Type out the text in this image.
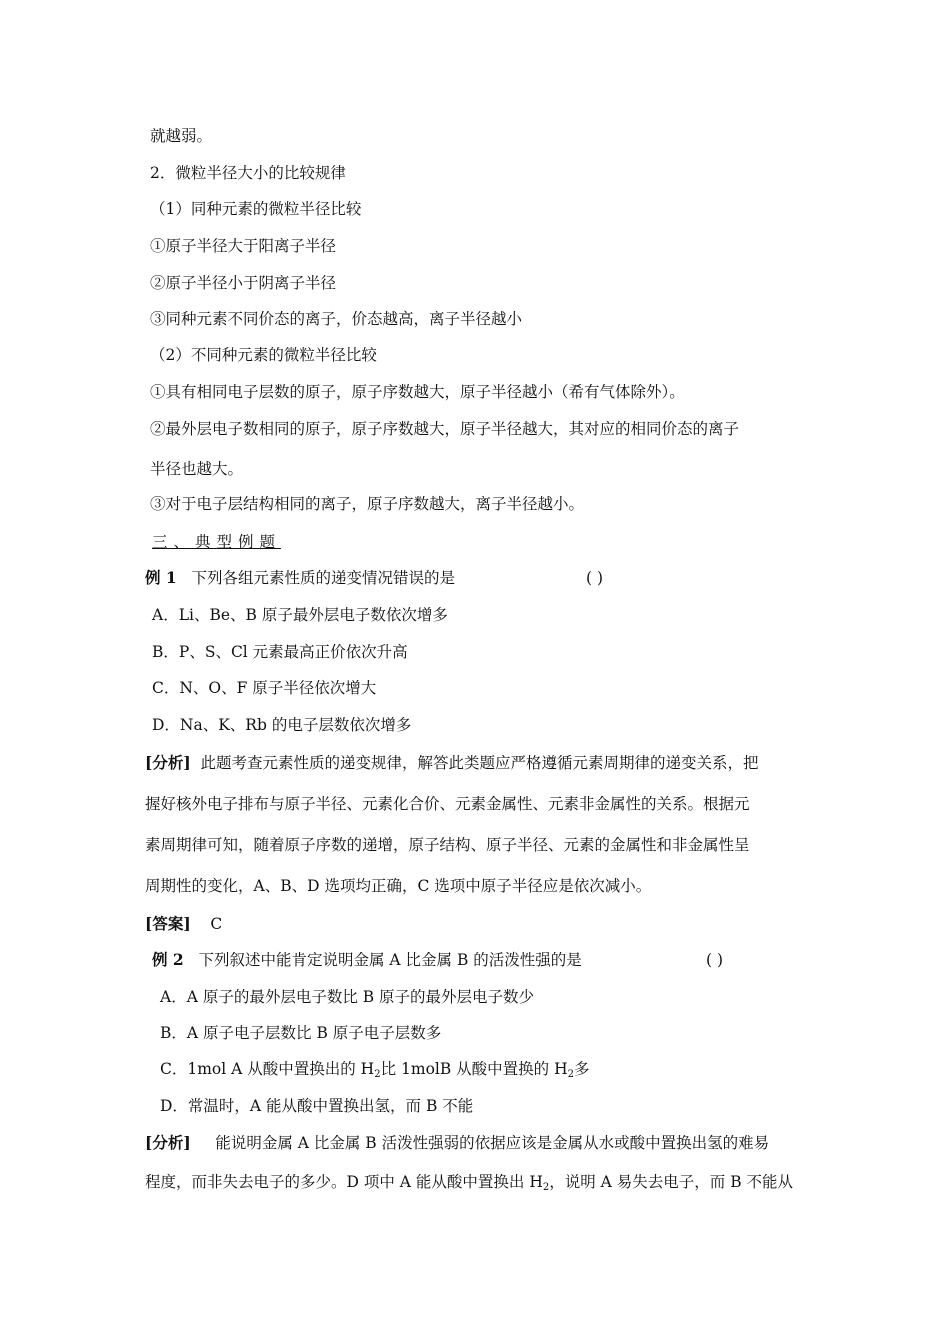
就越弱。
2．微粒半径大小的比较规律
（1）同种元素的微粒半径比较
①原子半径大于阳离子半径
②原子半径小于阴离子半径
③同种元素不同价态的离子，价态越高，离子半径越小
（2）不同种元素的微粒半径比较
①具有相同电子层数的原子，原子序数越大，原子半径越小（希有气体除外）。
②最外层电子数相同的原子，原子序数越大，原子半径越大，其对应的相同价态的离子
半径也越大。
③对于电子层结构相同的离子，原子序数越大，离子半径越小。
三、典型例题
例 1 下列各组元素性质的递变情况错误的是	( )
A．Li、Be、B 原子最外层电子数依次增多
B．P、S、Cl 元素最高正价依次升高
C．N、O、F 原子半径依次增大
D．Na、K、Rb 的电子层数依次增多
[分析] 此题考查元素性质的递变规律，解答此类题应严格遵循元素周期律的递变关系，把
握好核外电子排布与原子半径、元素化合价、元素金属性、元素非金属性的关系。根据元
素周期律可知，随着原子序数的递增，原子结构、原子半径、元素的金属性和非金属性呈
周期性的变化，A、B、D 选项均正确，C 选项中原子半径应是依次减小。
[答案] C
例 2 下列叙述中能肯定说明金属 A 比金属 B 的活泼性强的是	( )
A．A 原子的最外层电子数比 B 原子的最外层电子数少
B．A 原子电子层数比 B 原子电子层数多
C．1mol A 从酸中置换出的 $H_2$比 1molB 从酸中置换的 $H_2$多
D．常温时，A 能从酸中置换出氢，而 B 不能
[分析] 能说明金属 A 比金属 B 活泼性强弱的依据应该是金属从水或酸中置换出氢的难易
程度，而非失去电子的多少。D 项中 A 能从酸中置换出 $H_2$，说明 A 易失去电子，而 B 不能从
